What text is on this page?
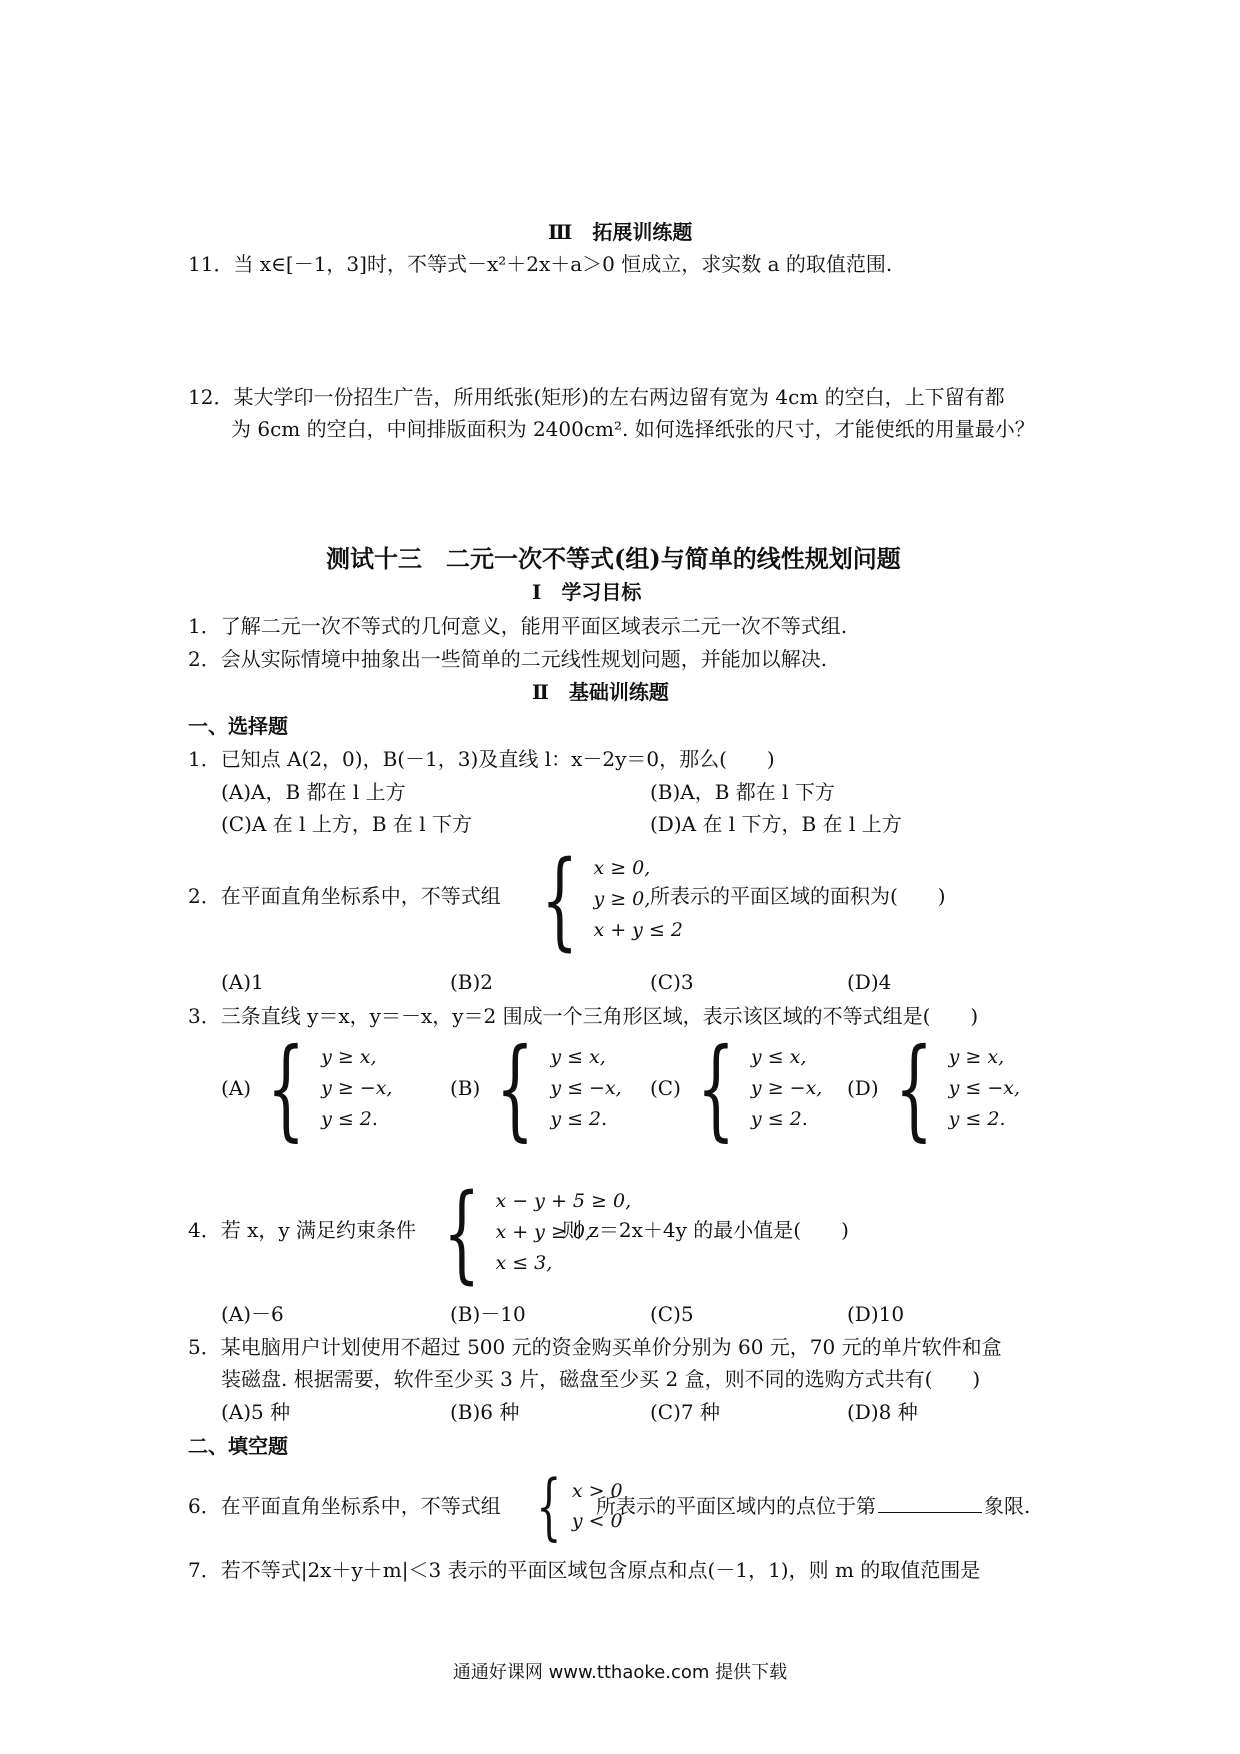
Ⅲ　拓展训练题
11．当 x∈[－1，3]时，不等式－x²＋2x＋a＞0 恒成立，求实数 a 的取值范围.
12．某大学印一份招生广告，所用纸张(矩形)的左右两边留有宽为 4cm 的空白，上下留有都
为 6cm 的空白，中间排版面积为 2400cm². 如何选择纸张的尺寸，才能使纸的用量最小？
测试十三　二元一次不等式(组)与简单的线性规划问题
Ⅰ　学习目标
1．了解二元一次不等式的几何意义，能用平面区域表示二元一次不等式组.
2．会从实际情境中抽象出一些简单的二元线性规划问题，并能加以解决.
Ⅱ　基础训练题
一、选择题
1．已知点 A(2，0)，B(－1，3)及直线 l：x－2y＝0，那么(　　)
(A)A，B 都在 l 上方	(B)A，B 都在 l 下方
(C)A 在 l 上方，B 在 l 下方	(D)A 在 l 下方，B 在 l 上方
2．在平面直角坐标系中，不等式组 { x ≥ 0,
y ≥ 0,
x + y ≤ 2
所表示的平面区域的面积为(　　)
(A)1	(B)2	(C)3	(D)4
3．三条直线 y＝x，y＝－x，y＝2 围成一个三角形区域，表示该区域的不等式组是(　　)
(A) { y ≥ x,
y ≥ −x,
y ≤ 2.
(B) { y ≤ x,
y ≤ −x,
y ≤ 2.
(C) { y ≤ x,
y ≥ −x,
y ≤ 2.
(D) { y ≥ x,
y ≤ −x,
y ≤ 2.
4．若 x，y 满足约束条件 { x − y + 5 ≥ 0,
x + y ≥ 0,
x ≤ 3,
则 z＝2x＋4y 的最小值是(　　)
(A)－6	(B)－10	(C)5	(D)10
5．某电脑用户计划使用不超过 500 元的资金购买单价分别为 60 元，70 元的单片软件和盒
装磁盘. 根据需要，软件至少买 3 片，磁盘至少买 2 盒，则不同的选购方式共有(　　)
(A)5 种	(B)6 种	(C)7 种	(D)8 种
二、填空题
6．在平面直角坐标系中，不等式组 { x > 0
y < 0
所表示的平面区域内的点位于第	象限.
7．若不等式|2x＋y＋m|＜3 表示的平面区域包含原点和点(－1，1)，则 m 的取值范围是
通通好课网 www.tthaoke.com 提供下载
